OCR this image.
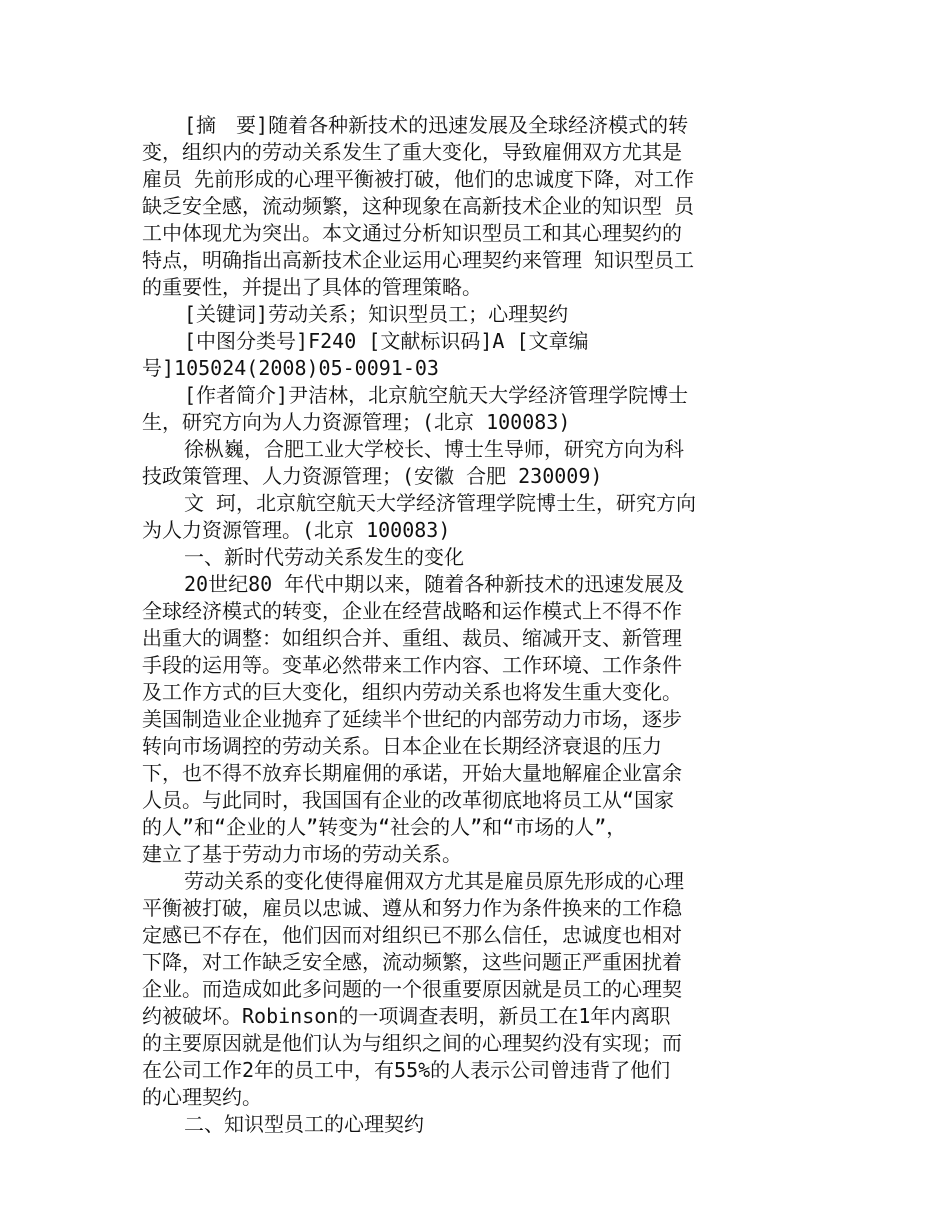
[摘　要]随着各种新技术的迅速发展及全球经济模式的转
变，组织内的劳动关系发生了重大变化，导致雇佣双方尤其是
雇员 先前形成的心理平衡被打破，他们的忠诚度下降，对工作
缺乏安全感，流动频繁，这种现象在高新技术企业的知识型 员
工中体现尤为突出。本文通过分析知识型员工和其心理契约的
特点，明确指出高新技术企业运用心理契约来管理 知识型员工
的重要性，并提出了具体的管理策略。
[关键词]劳动关系；知识型员工；心理契约
[中图分类号]F240 [文献标识码]A [文章编
号]105024(2008)05-0091-03
[作者简介]尹洁林，北京航空航天大学经济管理学院博士
生，研究方向为人力资源管理；(北京 100083)
徐枞巍，合肥工业大学校长、博士生导师，研究方向为科
技政策管理、人力资源管理；(安徽 合肥 230009)
文 珂，北京航空航天大学经济管理学院博士生，研究方向
为人力资源管理。(北京 100083)
一、新时代劳动关系发生的变化
20世纪80 年代中期以来，随着各种新技术的迅速发展及
全球经济模式的转变，企业在经营战略和运作模式上不得不作
出重大的调整：如组织合并、重组、裁员、缩减开支、新管理
手段的运用等。变革必然带来工作内容、工作环境、工作条件
及工作方式的巨大变化，组织内劳动关系也将发生重大变化。
美国制造业企业抛弃了延续半个世纪的内部劳动力市场，逐步
转向市场调控的劳动关系。日本企业在长期经济衰退的压力
下，也不得不放弃长期雇佣的承诺，开始大量地解雇企业富余
人员。与此同时，我国国有企业的改革彻底地将员工从“国家
的人”和“企业的人”转变为“社会的人”和“市场的人”，
建立了基于劳动力市场的劳动关系。
劳动关系的变化使得雇佣双方尤其是雇员原先形成的心理
平衡被打破，雇员以忠诚、遵从和努力作为条件换来的工作稳
定感已不存在，他们因而对组织已不那么信任，忠诚度也相对
下降，对工作缺乏安全感，流动频繁，这些问题正严重困扰着
企业。而造成如此多问题的一个很重要原因就是员工的心理契
约被破坏。Robinson的一项调查表明，新员工在1年内离职
的主要原因就是他们认为与组织之间的心理契约没有实现；而
在公司工作2年的员工中，有55%的人表示公司曾违背了他们
的心理契约。
二、知识型员工的心理契约
